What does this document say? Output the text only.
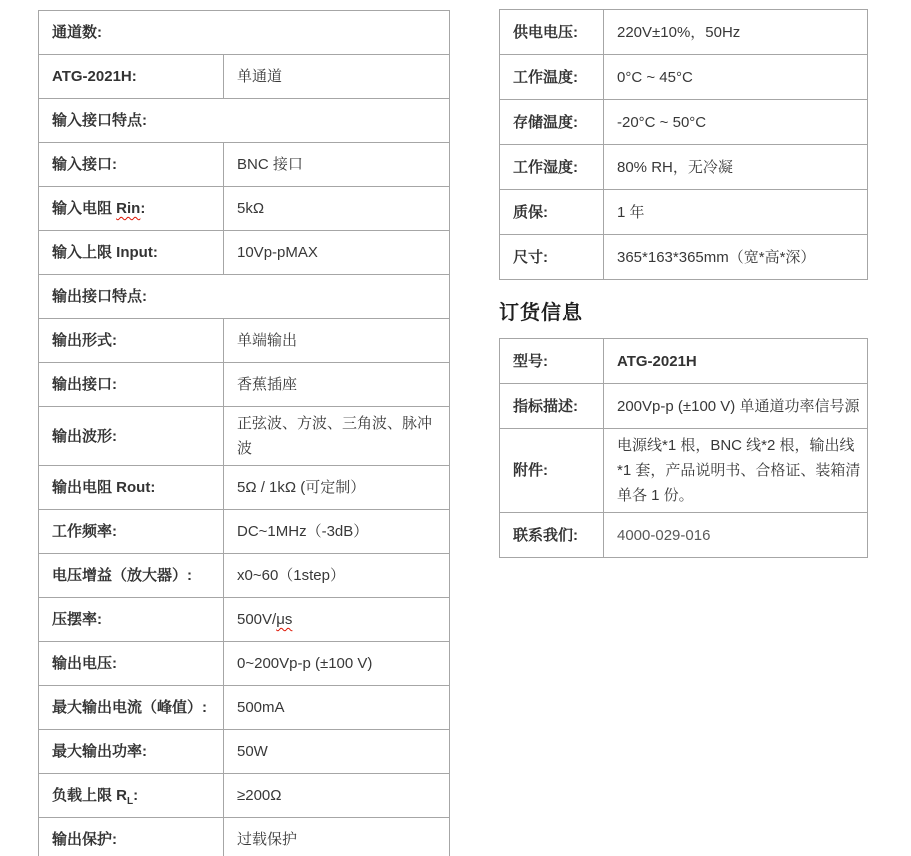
通道数:	
ATG-2021H:	单通道
输入接口特点:	
输入接口:	BNC 接口
输入电阻 Rin:	5kΩ
输入上限 Input:	10Vp-pMAX
输出接口特点:	
输出形式:	单端输出
输出接口:	香蕉插座
输出波形:	正弦波、方波、三角波、脉冲波
输出电阻 Rout:	5Ω / 1kΩ (可定制）
工作频率:	DC~1MHz（-3dB）
电压增益（放大器）:	x0~60（1step）
压摆率:	500V/μs
输出电压:	0~200Vp-p (±100 V)
最大输出电流（峰值）:	500mA
最大输出功率:	50W
负载上限 $R_L$:	≥200Ω
输出保护:	过载保护
供电电压:	220V±10%，50Hz
工作温度:	0°C ~ 45°C
存储温度:	-20°C ~ 50°C
工作湿度:	80% RH，无冷凝
质保:	1 年
尺寸:	365*163*365mm（宽*高*深）
订货信息
型号:	ATG-2021H
指标描述:	200Vp-p (±100 V) 单通道功率信号源
附件:	电源线*1 根，BNC 线*2 根，输出线*1 套，产品说明书、合格证、装箱清单各 1 份。
联系我们:	4000-029-016
